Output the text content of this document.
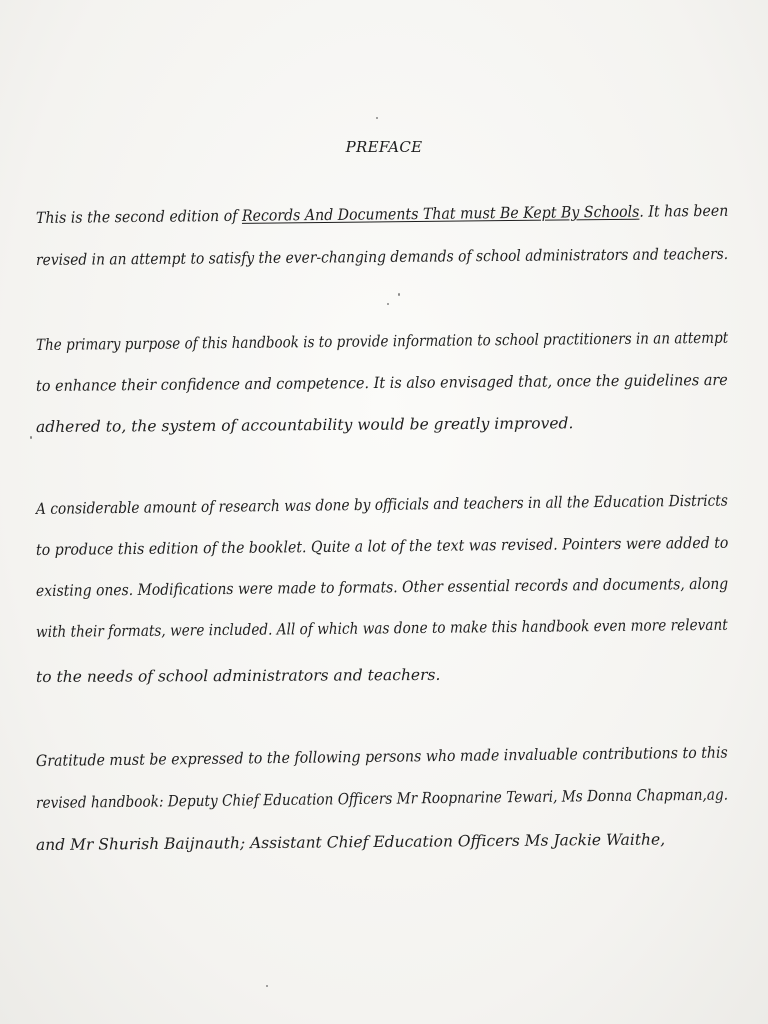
PREFACE
This is the second edition of Records And Documents That must Be Kept By Schools. It has been
revised in an attempt to satisfy the ever-changing demands of school administrators and teachers.
The primary purpose of this handbook is to provide information to school practitioners in an attempt
to enhance their confidence and competence. It is also envisaged that, once the guidelines are
adhered to, the system of accountability would be greatly improved.
A considerable amount of research was done by officials and teachers in all the Education Districts
to produce this edition of the booklet. Quite a lot of the text was revised. Pointers were added to
existing ones. Modifications were made to formats. Other essential records and documents, along
with their formats, were included. All of which was done to make this handbook even more relevant
to the needs of school administrators and teachers.
Gratitude must be expressed to the following persons who made invaluable contributions to this
revised handbook: Deputy Chief Education Officers Mr Roopnarine Tewari, Ms Donna Chapman,ag.
and Mr Shurish Baijnauth; Assistant Chief Education Officers Ms Jackie Waithe,
